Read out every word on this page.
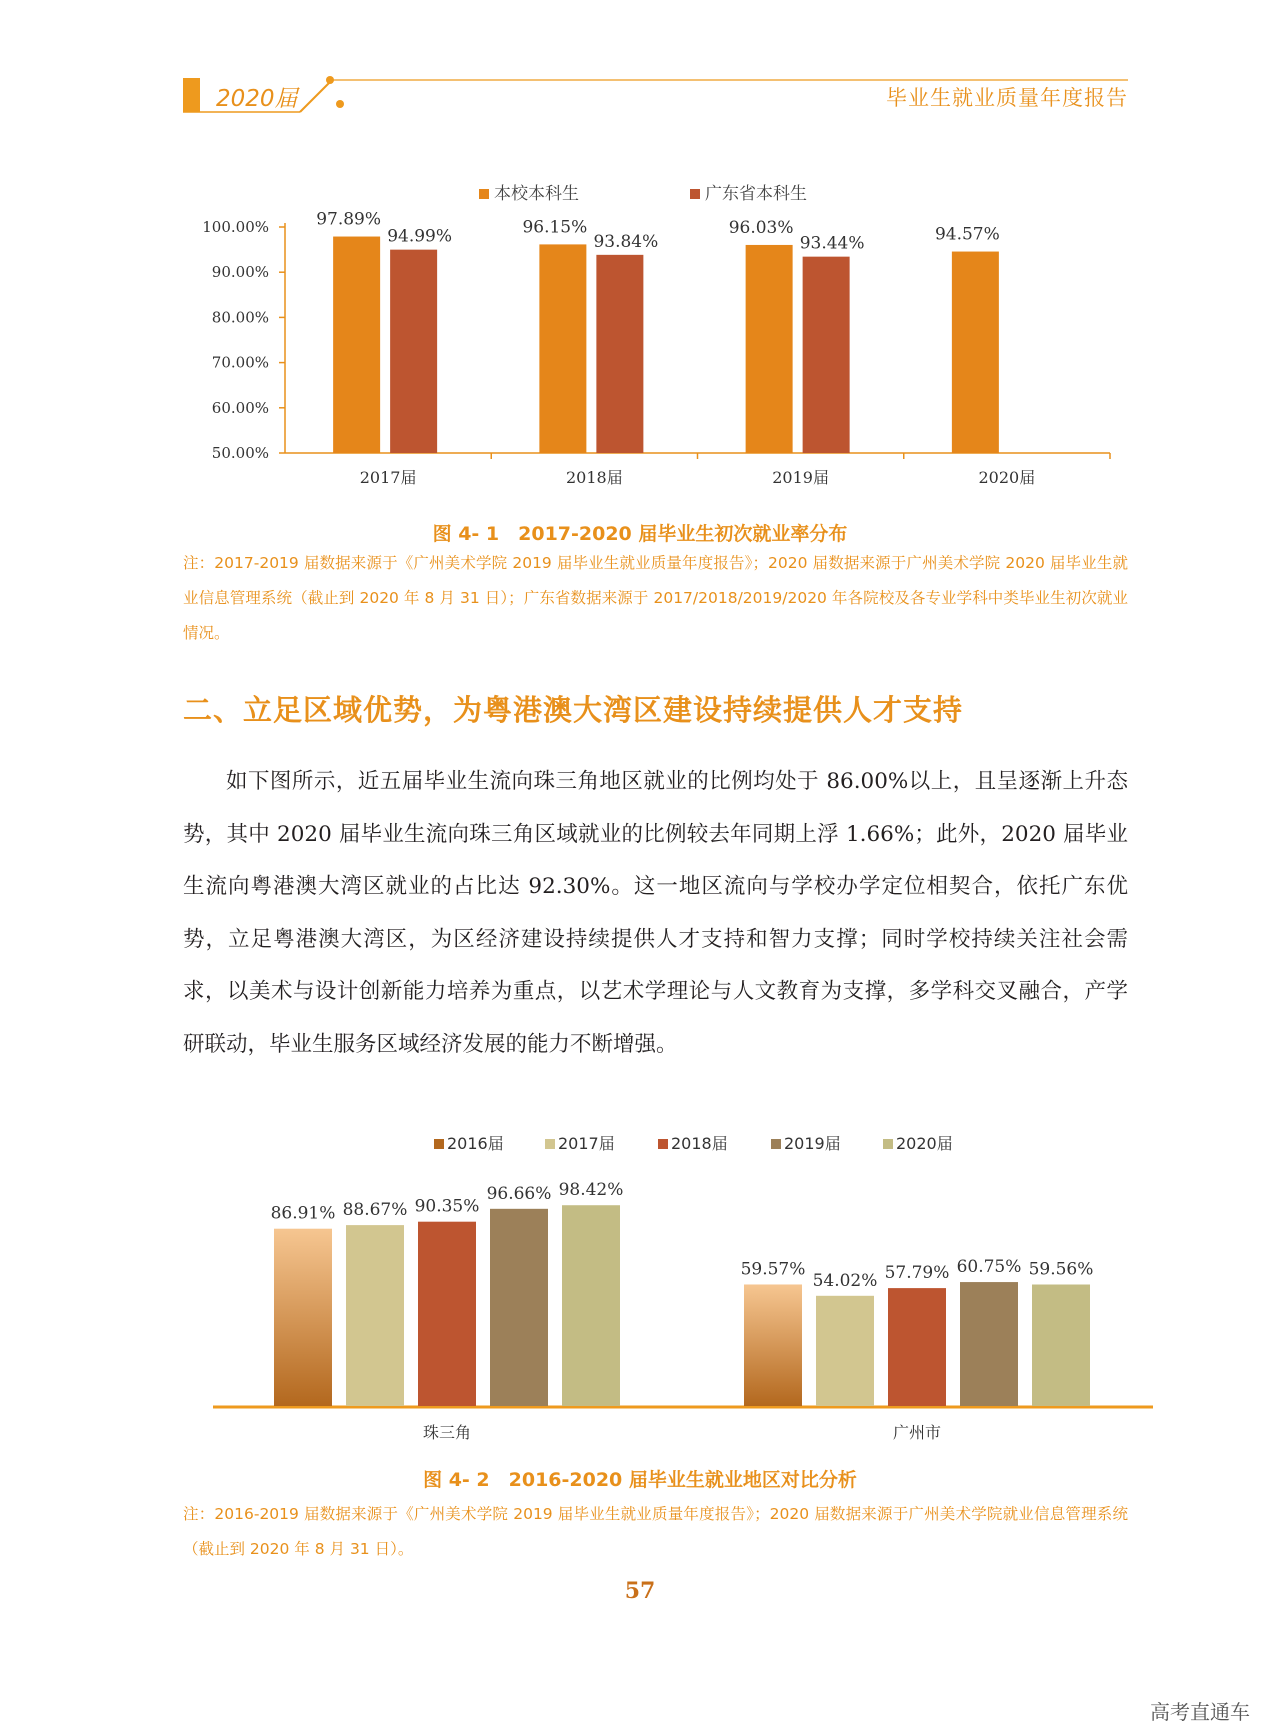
2020届	毕业生就业质量年度报告
50.00%
60.00%
70.00%
80.00%
90.00%
100.00%
本校本科生	广东省本科生
97.89%
94.99%
2017届
96.15%
93.84%
2018届
96.03%
93.44%
2019届
94.57%
2020届
图 4- 1　2017-2020 届毕业生初次就业率分布
注：2017-2019 届数据来源于《广州美术学院 2019 届毕业生就业质量年度报告》；2020 届数据来源于广州美术学院 2020 届毕业生就业信息管理系统（截止到 2020 年 8 月 31 日）；广东省数据来源于 2017/2018/2019/2020 年各院校及各专业学科中类毕业生初次就业情况。
二、立足区域优势，为粤港澳大湾区建设持续提供人才支持
如下图所示，近五届毕业生流向珠三角地区就业的比例均处于 86.00%以上，且呈逐渐上升态势，其中 2020 届毕业生流向珠三角区域就业的比例较去年同期上浮 1.66%；此外，2020 届毕业生流向粤港澳大湾区就业的占比达 92.30%。这一地区流向与学校办学定位相契合，依托广东优势，立足粤港澳大湾区，为区经济建设持续提供人才支持和智力支撑；同时学校持续关注社会需求，以美术与设计创新能力培养为重点，以艺术学理论与人文教育为支撑，多学科交叉融合，产学研联动，毕业生服务区域经济发展的能力不断增强。
2016届	2017届	2018届	2019届	2020届
86.91% 88.67% 90.35%
96.66% 98.42%
珠三角
59.57%
54.02% 57.79% 60.75% 59.56%
广州市
图 4- 2　2016-2020 届毕业生就业地区对比分析
注：2016-2019 届数据来源于《广州美术学院 2019 届毕业生就业质量年度报告》；2020 届数据来源于广州美术学院就业信息管理系统（截止到 2020 年 8 月 31 日）。
57
高考直通车
